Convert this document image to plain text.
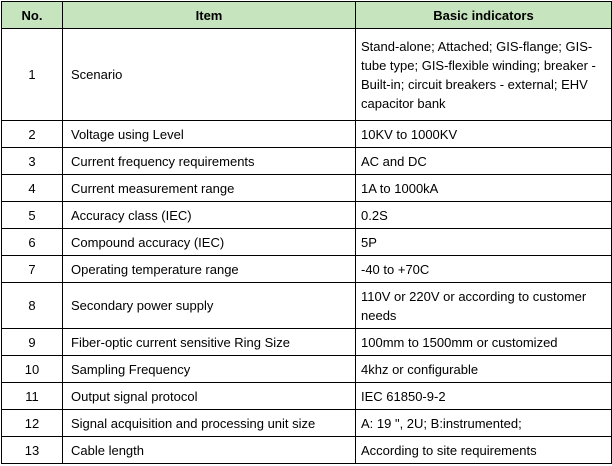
No.	Item	Basic indicators
1	Scenario	Stand-alone; Attached; GIS-flange; GIS-tube type; GIS-flexible winding; breaker - Built-in; circuit breakers - external; EHV capacitor bank
2	Voltage using Level	10KV to 1000KV
3	Current frequency requirements	AC and DC
4	Current measurement range	1A to 1000kA
5	Accuracy class (IEC)	0.2S
6	Compound accuracy (IEC)	5P
7	Operating temperature range	-40 to +70C
8	Secondary power supply	110V or 220V or according to customer needs
9	Fiber-optic current sensitive Ring Size	100mm to 1500mm or customized
10	Sampling Frequency	4khz or configurable
11	Output signal protocol	IEC 61850-9-2
12	Signal acquisition and processing unit size	A: 19 ", 2U; B:instrumented;
13	Cable length	According to site requirements
